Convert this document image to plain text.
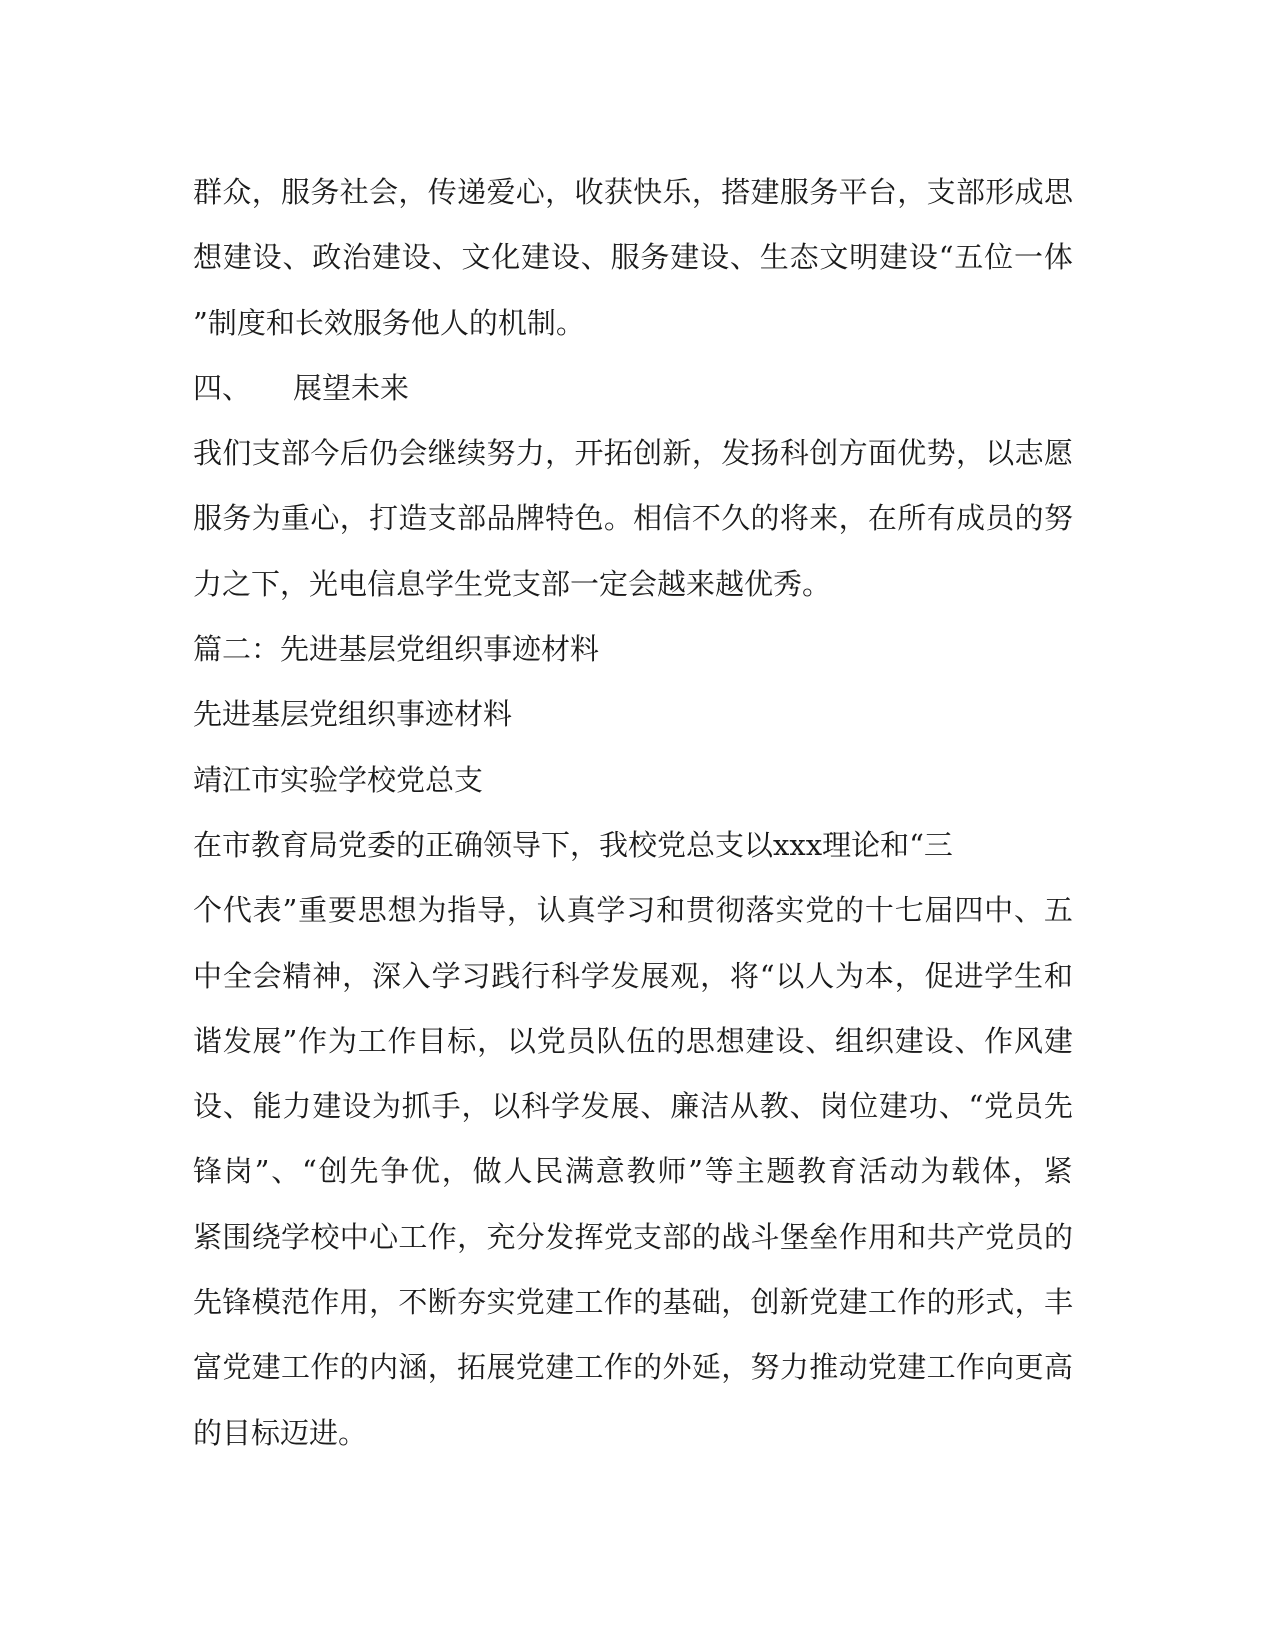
群 众 ， 服 务 社 会 ， 传 递 爱 心 ， 收 获 快 乐 ， 搭 建 服 务 平 台 ， 支 部 形 成 思
想 建 设 、 政 治 建 设 、 文 化 建 设 、 服 务 建 设 、 生 态 文 明 建 设 “ 五 位 一 体
”制度和长效服务他人的机制。
四、 展望未来
我 们 支 部 今 后 仍 会 继 续 努 力 ， 开 拓 创 新 ， 发 扬 科 创 方 面 优 势 ， 以 志 愿
服 务 为 重 心 ， 打 造 支 部 品 牌 特 色 。 相 信 不 久 的 将 来 ， 在 所 有 成 员 的 努
力之下，光电信息学生党支部一定会越来越优秀。
篇二：先进基层党组织事迹材料
先进基层党组织事迹材料
靖江市实验学校党总支
在市教育局党委的正确领导下，我校党总支以xxx理论和“三
个 代 表 ” 重 要 思 想 为 指 导 ， 认 真 学 习 和 贯 彻 落 实 党 的 十 七 届 四 中 、 五
中 全 会 精 神 ， 深 入 学 习 践 行 科 学 发 展 观 ， 将 “ 以 人 为 本 ， 促 进 学 生 和
谐 发 展 ” 作 为 工 作 目 标 ， 以 党 员 队 伍 的 思 想 建 设 、 组 织 建 设 、 作 风 建
设 、 能 力 建 设 为 抓 手 ， 以 科 学 发 展 、 廉 洁 从 教 、 岗 位 建 功 、 “ 党 员 先
锋 岗 ” 、 “ 创 先 争 优 ， 做 人 民 满 意 教 师 ” 等 主 题 教 育 活 动 为 载 体 ， 紧
紧 围 绕 学 校 中 心 工 作 ， 充 分 发 挥 党 支 部 的 战 斗 堡 垒 作 用 和 共 产 党 员 的
先 锋 模 范 作 用 ， 不 断 夯 实 党 建 工 作 的 基 础 ， 创 新 党 建 工 作 的 形 式 ， 丰
富 党 建 工 作 的 内 涵 ， 拓 展 党 建 工 作 的 外 延 ， 努 力 推 动 党 建 工 作 向 更 高
的目标迈进。
